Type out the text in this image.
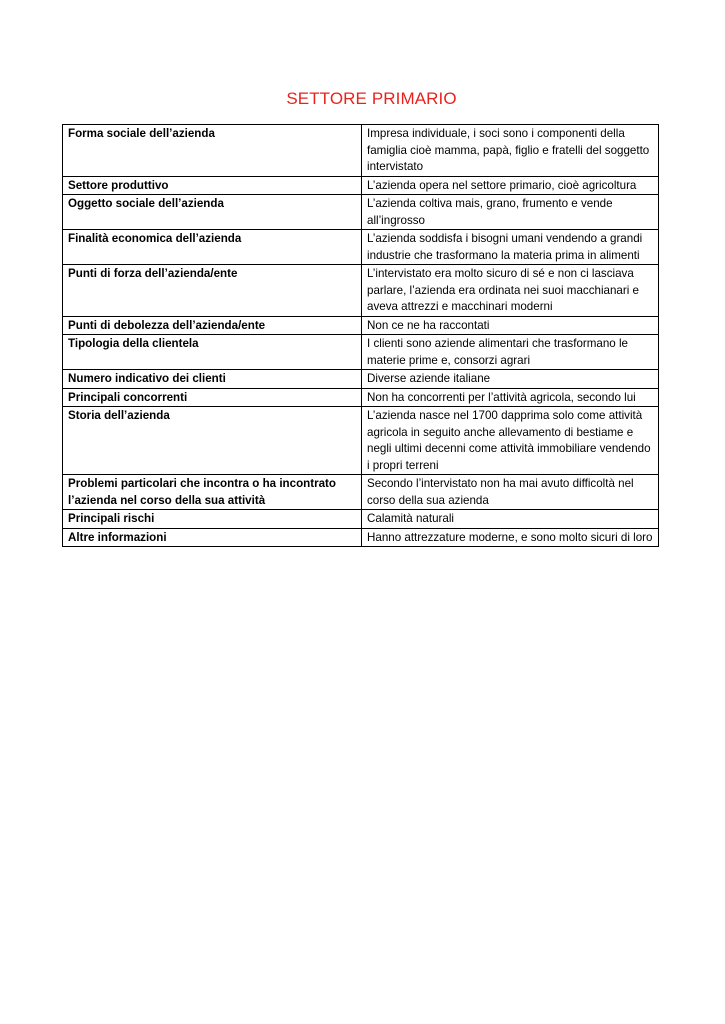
SETTORE PRIMARIO
Forma sociale dell’azienda	Impresa individuale, i soci sono i componenti della famiglia cioè mamma, papà, figlio e fratelli del soggetto intervistato
Settore produttivo	L’azienda opera nel settore primario, cioè agricoltura
Oggetto sociale dell’azienda	L’azienda coltiva mais, grano, frumento e vende all’ingrosso
Finalità economica dell’azienda	L’azienda soddisfa i bisogni umani vendendo a grandi industrie che trasformano la materia prima in alimenti
Punti di forza dell’azienda/ente	L’intervistato era molto sicuro di sé e non ci lasciava parlare, l’azienda era ordinata nei suoi macchianari e aveva attrezzi e macchinari moderni
Punti di debolezza dell’azienda/ente	Non ce ne ha raccontati
Tipologia della clientela	I clienti sono aziende alimentari che trasformano le materie prime e, consorzi agrari
Numero indicativo dei clienti	Diverse aziende italiane
Principali concorrenti	Non ha concorrenti per l’attività agricola, secondo lui
Storia dell’azienda	L’azienda nasce nel 1700 dapprima solo come attività agricola in seguito anche allevamento di bestiame e negli ultimi decenni come attività immobiliare vendendo i propri terreni
Problemi particolari che incontra o ha incontrato l’azienda nel corso della sua attività	Secondo l’intervistato non ha mai avuto difficoltà nel corso della sua azienda
Principali rischi	Calamità naturali
Altre informazioni	Hanno attrezzature moderne, e sono molto sicuri di loro
